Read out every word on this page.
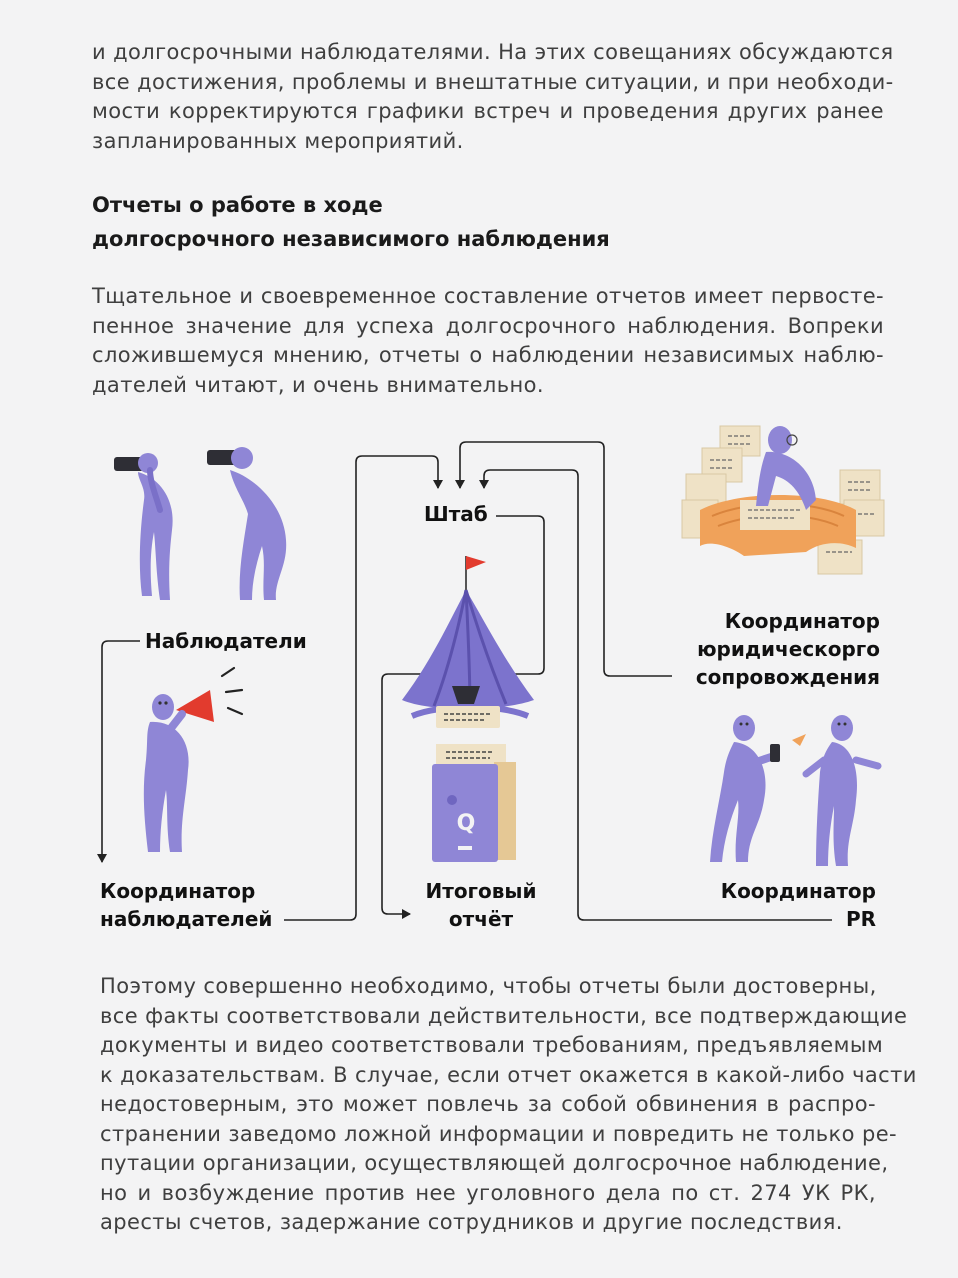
и долгосрочными наблюдателями. На этих совещаниях обсуждаются
все достижения, проблемы и внештатные ситуации, и при необходи-
мости корректируются графики встреч и проведения других ранее
запланированных мероприятий.
Отчеты о работе в ходе
долгосрочного независимого наблюдения
Тщательное и своевременное составление отчетов имеет первосте-
пенное значение для успеха долгосрочного наблюдения. Вопреки
сложившемуся мнению, отчеты о наблюдении независимых наблю-
дателей читают, и очень внимательно.
Q
Штаб
Наблюдатели
Координатор
юридическорго
сопровождения
Координатор
наблюдателей
Итоговый
отчёт
Координатор
PR
Поэтому совершенно необходимо, чтобы отчеты были достоверны,
все факты соответствовали действительности, все подтверждающие
документы и видео соответствовали требованиям, предъявляемым
к доказательствам. В случае, если отчет окажется в какой-либо части
недостоверным, это может повлечь за собой обвинения в распро-
странении заведомо ложной информации и повредить не только ре-
путации организации, осуществляющей долгосрочное наблюдение,
но и возбуждение против нее уголовного дела по ст. 274 УК РК,
аресты счетов, задержание сотрудников и другие последствия.
